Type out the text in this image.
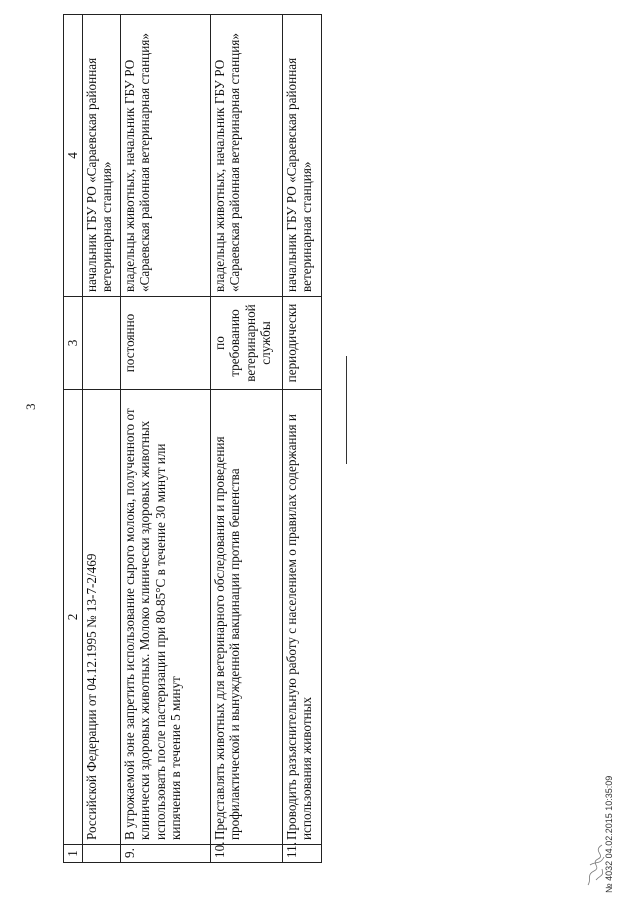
3
1	2	3	4
	Российской Федерации от 04.12.1995 № 13-7-2/469		начальник ГБУ РО «Сараевская районная ветеринарная станция»
9.	В угрожаемой зоне запретить использование сырого молока, полученного от клинически здоровых животных. Молоко клинически здоровых животных использовать после пастеризации при 80-85°С в течение 30 минут или кипячения в течение 5 минут	постоянно	владельцы животных, начальник ГБУ РО «Сараевская районная ветеринарная станция»
10.	Представлять животных для ветеринарного обследования и проведения профилактической и вынужденной вакцинации против бешенства	по требованию ветеринарной службы	владельцы животных, начальник ГБУ РО «Сараевская районная ветеринарная станция»
11.	Проводить разъяснительную работу с населением о правилах содержания и использования животных	периодически	начальник ГБУ РО «Сараевская районная ветеринарная станция»
№ 4032 04.02.2015 10:35:09
